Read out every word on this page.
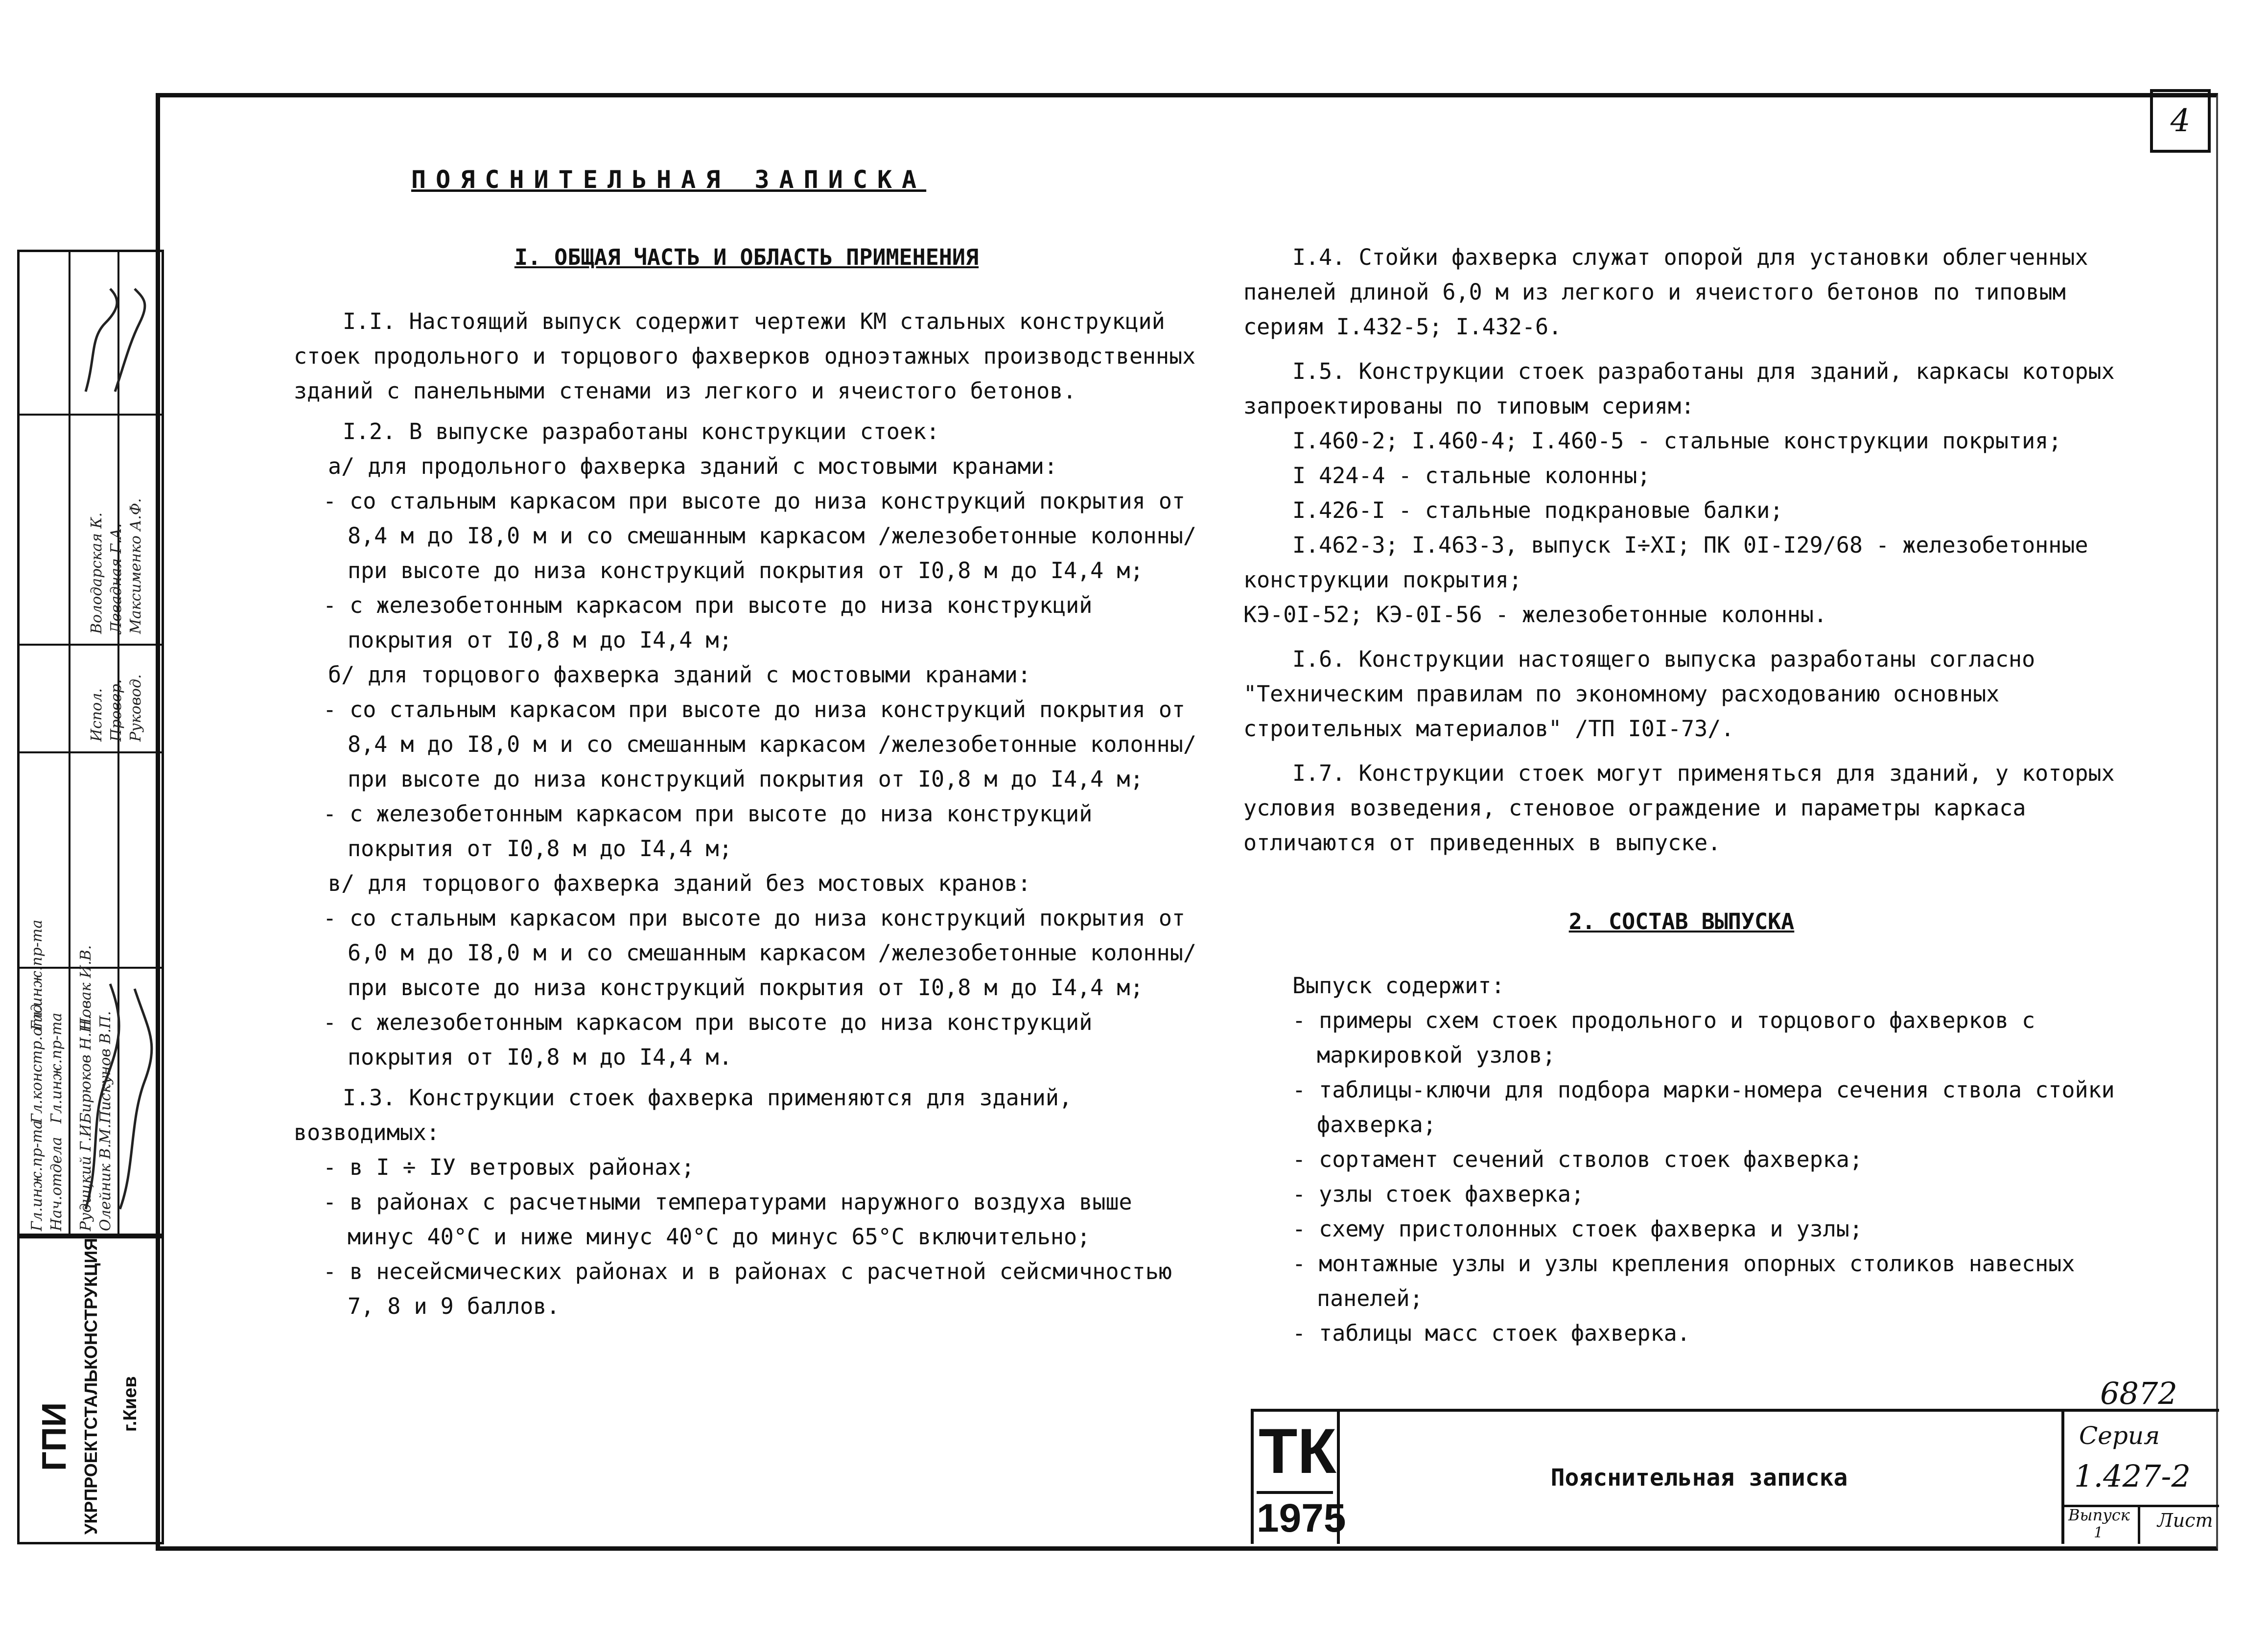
4
Гл.инж.пр-та Нач.отдела
Гл.констр.отд Гл.инж.пр-та
Гл.инж.пр-та
Рудицкий Г.И. Олейник В.М.
Бирюков Н.Н. Пискунов В.П.
Новак И.В.
Испол. Провер. Руковод.
Володарская К. Левадная Г.А. Максименко А.Ф.
ГПИ УКРПРОЕКТСТАЛЬКОНСТРУКЦИЯ г.Киев
ПОЯСНИТЕЛЬНАЯ ЗАПИСКА
I. ОБЩАЯ ЧАСТЬ И ОБЛАСТЬ ПРИМЕНЕНИЯ

I.I. Настоящий выпуск содержит чертежи КМ стальных конструкций стоек продольного и торцового фахверков одноэтажных производственных зданий с панельными стенами из легкого и ячеистого бетонов.

I.2. В выпуске разработаны конструкции стоек:

а/ для продольного фахверка зданий с мостовыми кранами:

- со стальным каркасом при высоте до низа конструкций покрытия от 8,4 м до I8,0 м и со смешанным каркасом /железобетонные колонны/ при высоте до низа конструкций покрытия от I0,8 м до I4,4 м;

- с железобетонным каркасом при высоте до низа конструкций покрытия от I0,8 м до I4,4 м;

б/ для торцового фахверка зданий с мостовыми кранами:

- со стальным каркасом при высоте до низа конструкций покрытия от 8,4 м до I8,0 м и со смешанным каркасом /железобетонные колонны/ при высоте до низа конструкций покрытия от I0,8 м до I4,4 м;

- с железобетонным каркасом при высоте до низа конструкций покрытия от I0,8 м до I4,4 м;

в/ для торцового фахверка зданий без мостовых кранов:

- со стальным каркасом при высоте до низа конструкций покрытия от 6,0 м до I8,0 м и со смешанным каркасом /железобетонные колонны/ при высоте до низа конструкций покрытия от I0,8 м до I4,4 м;

- с железобетонным каркасом при высоте до низа конструкций покрытия от I0,8 м до I4,4 м.

I.3. Конструкции стоек фахверка применяются для зданий, возводимых:

- в I ÷ IУ ветровых районах;

- в районах с расчетными температурами наружного воздуха выше минус 40°С и ниже минус 40°С до минус 65°С включительно;

- в несейсмических районах и в районах с расчетной сейсмичностью 7, 8 и 9 баллов.

I.4. Стойки фахверка служат опорой для установки облегченных панелей длиной 6,0 м из легкого и ячеистого бетонов по типовым сериям I.432-5; I.432-6.

I.5. Конструкции стоек разработаны для зданий, каркасы которых запроектированы по типовым сериям:

I.460-2; I.460-4; I.460-5 - стальные конструкции покрытия;

I 424-4 - стальные колонны;

I.426-I - стальные подкрановые балки;

I.462-3; I.463-3, выпуск I÷XI; ПК 0I-I29/68 - железобетонные конструкции покрытия;

КЭ-0I-52; КЭ-0I-56 - железобетонные колонны.

I.6. Конструкции настоящего выпуска разработаны согласно "Техническим правилам по экономному расходованию основных строительных материалов" /ТП I0I-73/.

I.7. Конструкции стоек могут применяться для зданий, у которых условия возведения, стеновое ограждение и параметры каркаса отличаются от приведенных в выпуске.

2. СОСТАВ ВЫПУСКА

Выпуск содержит:

- примеры схем стоек продольного и торцового фахверков с маркировкой узлов;

- таблицы-ключи для подбора марки-номера сечения ствола стойки фахверка;

- сортамент сечений стволов стоек фахверка;

- узлы стоек фахверка;

- схему пристолонных стоек фахверка и узлы;

- монтажные узлы и узлы крепления опорных столиков навесных панелей;

- таблицы масс стоек фахверка.

6872
ТК
1975
Пояснительная записка
Серия
1.427-2
Выпуск
1
Лист
